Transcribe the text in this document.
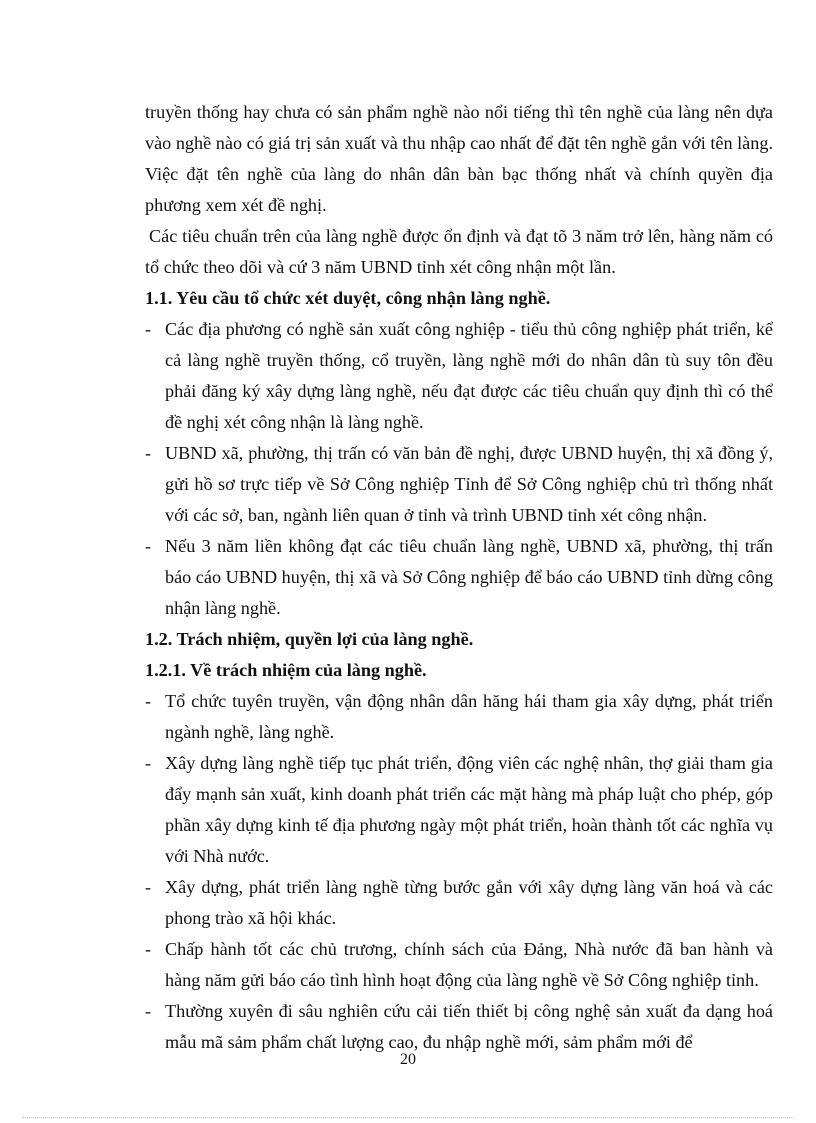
truyền thống hay chưa có sản phẩm nghề nào nổi tiếng thì tên nghề của làng nên dựa vào nghề nào có giá trị sản xuất và thu nhập cao nhất để đặt tên nghề gắn với tên làng. Việc đặt tên nghề của làng do nhân dân bàn bạc thống nhất và chính quyền địa phương xem xét đề nghị.

Các tiêu chuẩn trên của làng nghề được ổn định và đạt tõ 3 năm trở lên, hàng năm có tổ chức theo dõi và cứ 3 năm UBND tỉnh xét công nhận một lần.

1.1. Yêu cầu tổ chức xét duyệt, công nhận làng nghề.

- Các địa phương có nghề sản xuất công nghiệp - tiểu thủ công nghiệp phát triển, kể cả làng nghề truyền thống, cổ truyền, làng nghề mới do nhân dân tù suy tôn đều phải đăng ký xây dựng làng nghề, nếu đạt được các tiêu chuẩn quy định thì có thể đề nghị xét công nhận là làng nghề.
- UBND xã, phường, thị trấn có văn bản đề nghị, được UBND huyện, thị xã đồng ý, gửi hồ sơ trực tiếp về Sở Công nghiệp Tỉnh để Sở Công nghiệp chủ trì thống nhất với các sở, ban, ngành liên quan ở tỉnh và trình UBND tỉnh xét công nhận.
- Nếu 3 năm liền không đạt các tiêu chuẩn làng nghề, UBND xã, phường, thị trấn báo cáo UBND huyện, thị xã và Sở Công nghiệp để báo cáo UBND tỉnh dừng công nhận làng nghề.

1.2. Trách nhiệm, quyền lợi của làng nghề.

1.2.1. Về trách nhiệm của làng nghề.

- Tổ chức tuyên truyền, vận động nhân dân hăng hái tham gia xây dựng, phát triển ngành nghề, làng nghề.
- Xây dựng làng nghề tiếp tục phát triển, động viên các nghệ nhân, thợ giải tham gia đẩy mạnh sản xuất, kinh doanh phát triển các mặt hàng mà pháp luật cho phép, góp phần xây dựng kinh tế địa phương ngày một phát triển, hoàn thành tốt các nghĩa vụ với Nhà nước.
- Xây dựng, phát triển làng nghề từng bước gắn với xây dựng làng văn hoá và các phong trào xã hội khác.
- Chấp hành tốt các chủ trương, chính sách của Đảng, Nhà nước đã ban hành và hàng năm gửi báo cáo tình hình hoạt động của làng nghề về Sở Công nghiệp tỉnh.
- Thường xuyên đi sâu nghiên cứu cải tiến thiết bị công nghệ sản xuất đa dạng hoá mẫu mã sảm phẩm chất lượng cao, đu nhập nghề mới, sảm phẩm mới để
20
